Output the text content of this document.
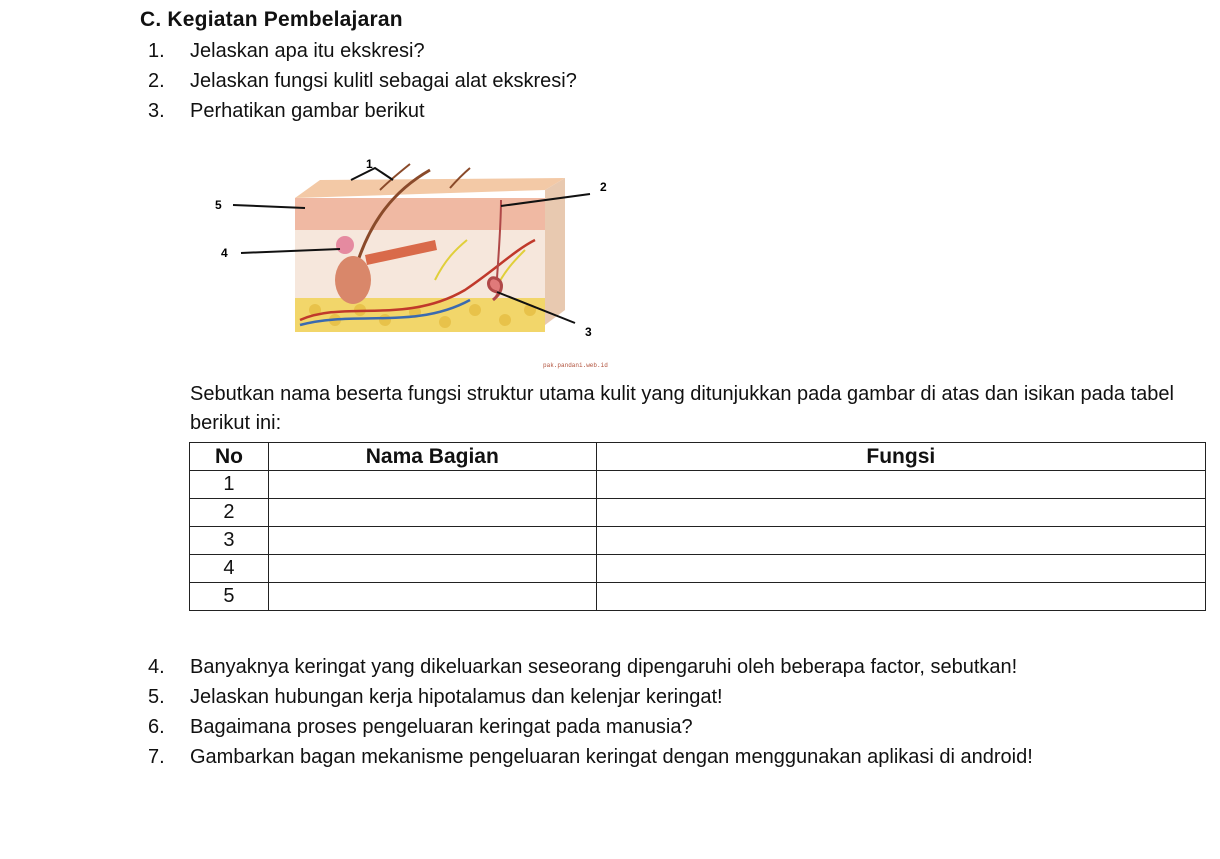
C. Kegiatan Pembelajaran
1. Jelaskan apa itu ekskresi?
2. Jelaskan fungsi kulitl sebagai alat ekskresi?
3. Perhatikan gambar berikut
1
2
3
4
5
pak.pandani.web.id
Sebutkan nama beserta fungsi struktur utama kulit yang ditunjukkan pada gambar di atas dan isikan pada tabel berikut ini:
No	Nama Bagian	Fungsi
1		
2		
3		
4		
5		
4. Banyaknya keringat yang dikeluarkan seseorang dipengaruhi oleh beberapa factor, sebutkan!
5. Jelaskan hubungan kerja hipotalamus dan kelenjar keringat!
6. Bagaimana proses pengeluaran keringat pada manusia?
7. Gambarkan bagan mekanisme pengeluaran keringat dengan menggunakan aplikasi di android!
